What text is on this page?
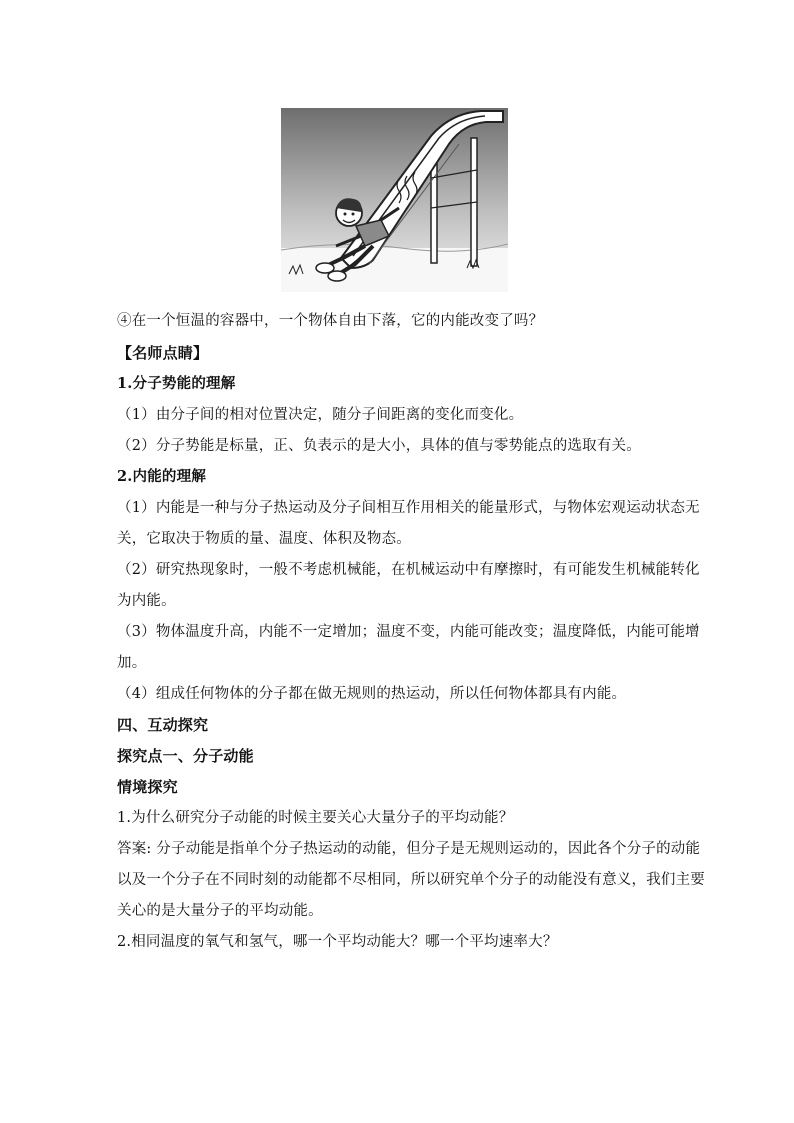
④在一个恒温的容器中，一个物体自由下落，它的内能改变了吗？
【名师点睛】
1.分子势能的理解
（1）由分子间的相对位置决定，随分子间距离的变化而变化。
（2）分子势能是标量，正、负表示的是大小，具体的值与零势能点的选取有关。
2.内能的理解
（1）内能是一种与分子热运动及分子间相互作用相关的能量形式，与物体宏观运动状态无
关，它取决于物质的量、温度、体积及物态。
（2）研究热现象时，一般不考虑机械能，在机械运动中有摩擦时，有可能发生机械能转化
为内能。
（3）物体温度升高，内能不一定增加；温度不变，内能可能改变；温度降低，内能可能增
加。
（4）组成任何物体的分子都在做无规则的热运动，所以任何物体都具有内能。
四、互动探究
探究点一、分子动能
情境探究
1.为什么研究分子动能的时候主要关心大量分子的平均动能？
答案: 分子动能是指单个分子热运动的动能，但分子是无规则运动的，因此各个分子的动能
以及一个分子在不同时刻的动能都不尽相同，所以研究单个分子的动能没有意义，我们主要
关心的是大量分子的平均动能。
2.相同温度的氧气和氢气，哪一个平均动能大？哪一个平均速率大？
